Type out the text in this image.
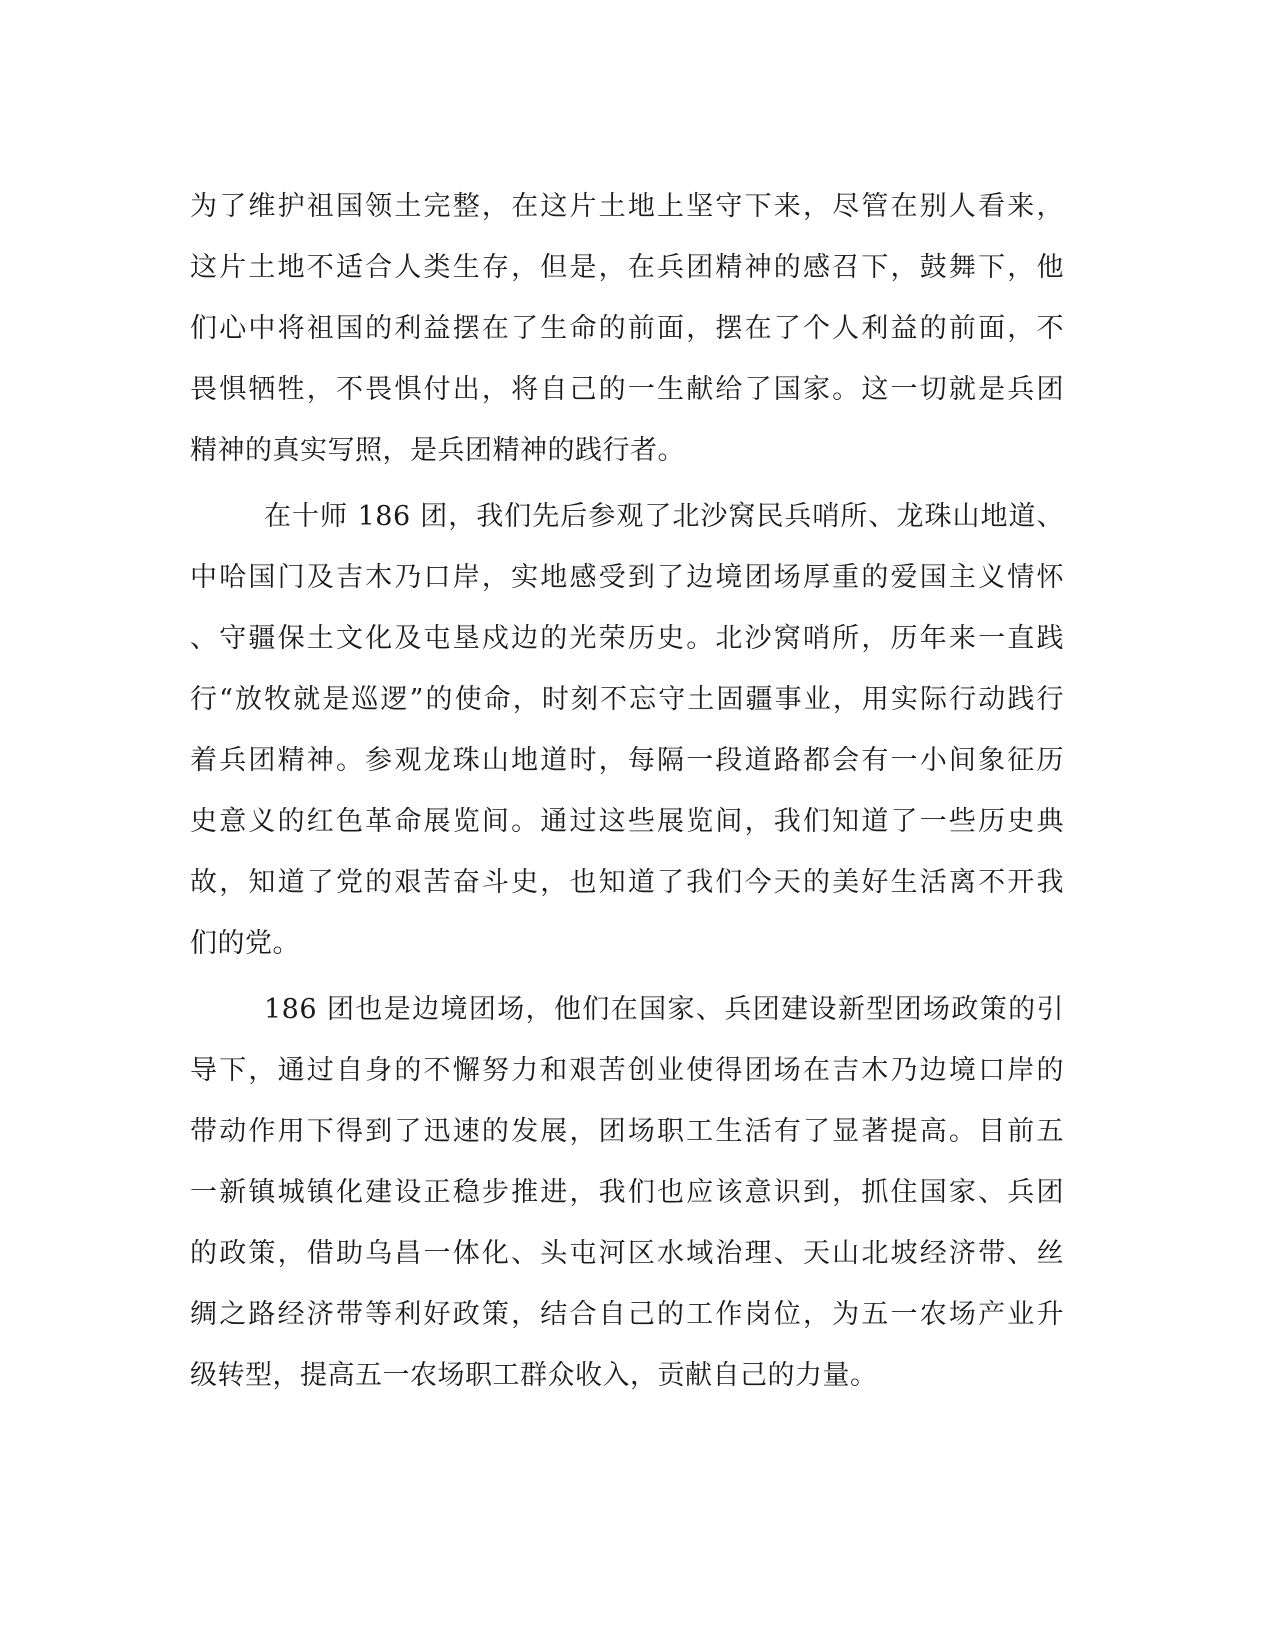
为了维护祖国领土完整，在这片土地上坚守下来，尽管在别人看来，
这片土地不适合人类生存，但是，在兵团精神的感召下，鼓舞下，他
们心中将祖国的利益摆在了生命的前面，摆在了个人利益的前面，不
畏惧牺牲，不畏惧付出，将自己的一生献给了国家。这一切就是兵团
精神的真实写照，是兵团精神的践行者。
在十师 186 团，我们先后参观了北沙窝民兵哨所、龙珠山地道、
中哈国门及吉木乃口岸，实地感受到了边境团场厚重的爱国主义情怀
、守疆保土文化及屯垦戍边的光荣历史。北沙窝哨所，历年来一直践
行“放牧就是巡逻”的使命，时刻不忘守土固疆事业，用实际行动践行
着兵团精神。参观龙珠山地道时，每隔一段道路都会有一小间象征历
史意义的红色革命展览间。通过这些展览间，我们知道了一些历史典
故，知道了党的艰苦奋斗史，也知道了我们今天的美好生活离不开我
们的党。
186 团也是边境团场，他们在国家、兵团建设新型团场政策的引
导下，通过自身的不懈努力和艰苦创业使得团场在吉木乃边境口岸的
带动作用下得到了迅速的发展，团场职工生活有了显著提高。目前五
一新镇城镇化建设正稳步推进，我们也应该意识到，抓住国家、兵团
的政策，借助乌昌一体化、头屯河区水域治理、天山北坡经济带、丝
绸之路经济带等利好政策，结合自己的工作岗位，为五一农场产业升
级转型，提高五一农场职工群众收入，贡献自己的力量。
